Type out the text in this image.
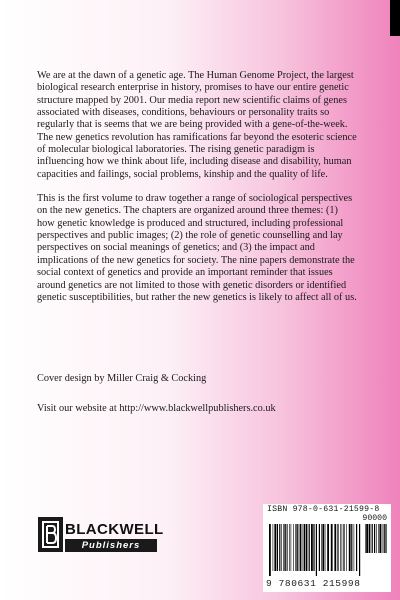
We are at the dawn of a genetic age. The Human Genome Project, the largest biological research enterprise in history, promises to have our entire genetic structure mapped by 2001. Our media report new scientific claims of genes associated with diseases, conditions, behaviours or personality traits so regularly that is seems that we are being provided with a gene-of-the-week. The new genetics revolution has ramifications far beyond the esoteric science of molecular biological laboratories. The rising genetic paradigm is influencing how we think about life, including disease and disability, human capacities and failings, social problems, kinship and the quality of life.

This is the first volume to draw together a range of sociological perspectives on the new genetics. The chapters are organized around three themes: (1) how genetic knowledge is produced and structured, including professional perspectives and public images; (2) the role of genetic counselling and lay perspectives on social meanings of genetics; and (3) the impact and implications of the new genetics for society. The nine papers demonstrate the social context of genetics and provide an important reminder that issues around genetics are not limited to those with genetic disorders or identified genetic susceptibilities, but rather the new genetics is likely to affect all of us.

Cover design by Miller Craig & Cocking
Visit our website at http://www.blackwellpublishers.co.uk
ISBN 978-0-631-21599-8
90000
9 780631 215998
BLACKWELL
Publishers
